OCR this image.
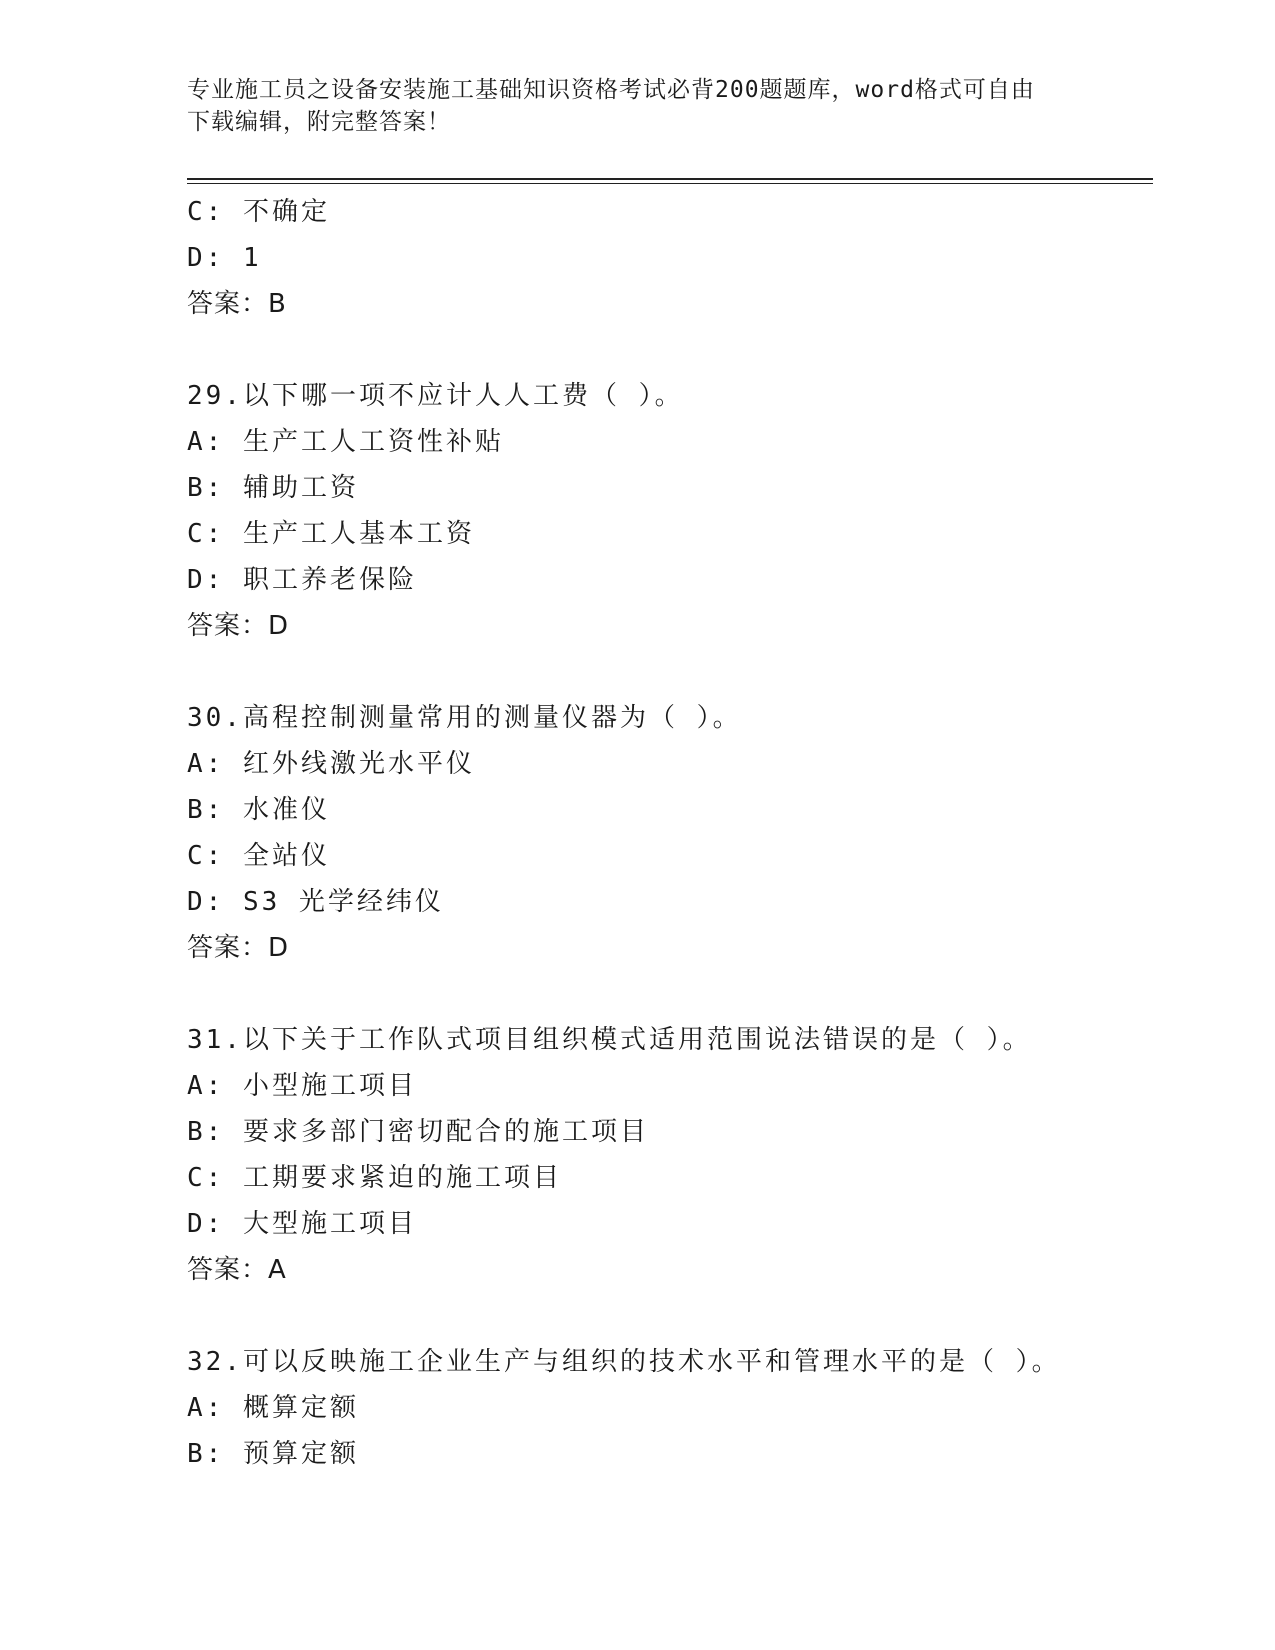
专业施工员之设备安装施工基础知识资格考试必背200题题库，word格式可自由
下载编辑，附完整答案！
C: 不确定
D: 1
答案：B
29.以下哪一项不应计人人工费（ ）。
A: 生产工人工资性补贴
B: 辅助工资
C: 生产工人基本工资
D: 职工养老保险
答案：D
30.高程控制测量常用的测量仪器为（ ）。
A: 红外线激光水平仪
B: 水准仪
C: 全站仪
D: S3 光学经纬仪
答案：D
31.以下关于工作队式项目组织模式适用范围说法错误的是（ ）。
A: 小型施工项目
B: 要求多部门密切配合的施工项目
C: 工期要求紧迫的施工项目
D: 大型施工项目
答案：A
32.可以反映施工企业生产与组织的技术水平和管理水平的是（ ）。
A: 概算定额
B: 预算定额
